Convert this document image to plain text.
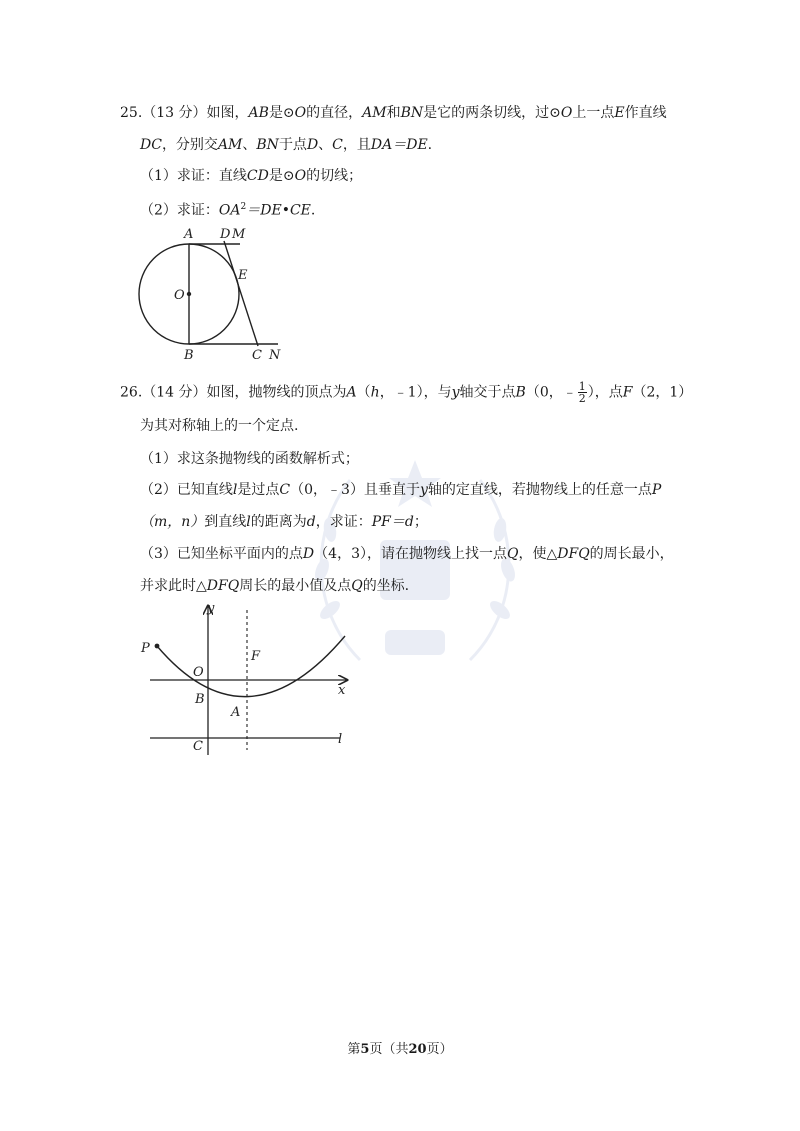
25.（13 分）如图，AB是⊙O的直径，AM和BN是它的两条切线，过⊙O上一点E作直线
DC，分别交AM、BN于点D、C，且DA＝DE.
（1）求证：直线CD是⊙O的切线；
（2）求证：$OA^2=DE•CE$.
A D M
E
O
B	C N
26.（14 分）如图，抛物线的顶点为A（h，﹣1），与y轴交于点B（0，﹣ $\frac{1}{2}$ ），点F（2，1）
为其对称轴上的一个定点.
（1）求这条抛物线的函数解析式；
（2）已知直线l是过点C（0，﹣3）且垂直于y轴的定直线，若抛物线上的任意一点P
（m，n）到直线l的距离为d，求证：PF＝d；
（3）已知坐标平面内的点D（4，3），请在抛物线上找一点Q，使△DFQ的周长最小，
并求此时△DFQ周长的最小值及点Q的坐标.
y
P
O
F
x
B
A
C	l
第5页（共20页）
